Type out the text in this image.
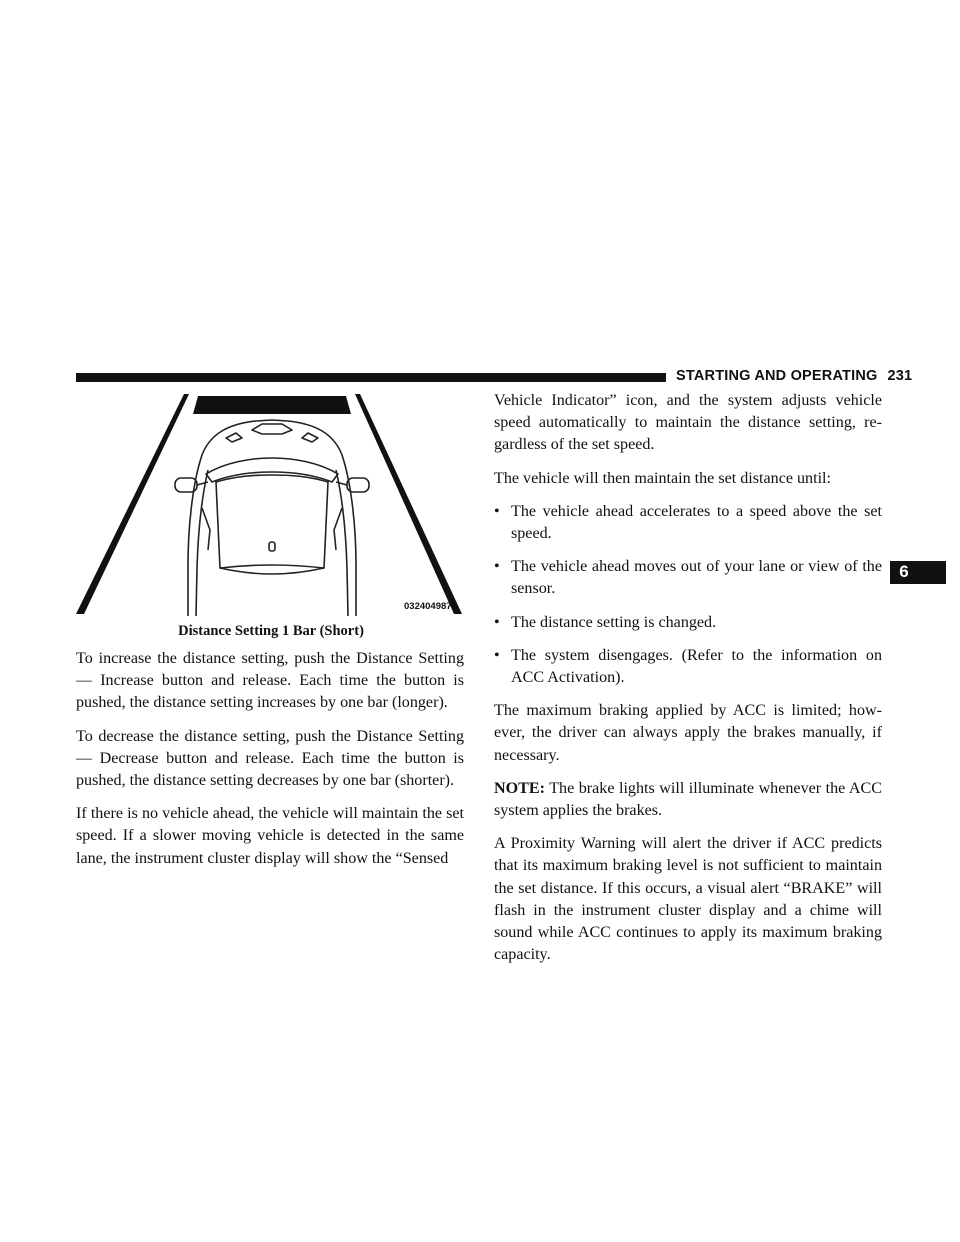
STARTING AND OPERATING 231
0324049877
Distance Setting 1 Bar (Short)

To increase the distance setting, push the Distance Setting — Increase button and release. Each time the button is pushed, the distance setting increases by one bar (longer).

To decrease the distance setting, push the Distance Setting — Decrease button and release. Each time the button is pushed, the distance setting decreases by one bar (shorter).

If there is no vehicle ahead, the vehicle will maintain the set speed. If a slower moving vehicle is detected in the same lane, the instrument cluster display will show the “Sensed

Vehicle Indicator” icon, and the system adjusts vehicle speed automatically to maintain the distance setting, re-gardless of the set speed.

The vehicle will then maintain the set distance until:

• The vehicle ahead accelerates to a speed above the set speed.
• The vehicle ahead moves out of your lane or view of the sensor.
• The distance setting is changed.
• The system disengages. (Refer to the information on ACC Activation).

The maximum braking applied by ACC is limited; how-ever, the driver can always apply the brakes manually, if necessary.

NOTE: The brake lights will illuminate whenever the ACC system applies the brakes.

A Proximity Warning will alert the driver if ACC predicts that its maximum braking level is not sufficient to maintain the set distance. If this occurs, a visual alert “BRAKE” will flash in the instrument cluster display and a chime will sound while ACC continues to apply its maximum braking capacity.

6
